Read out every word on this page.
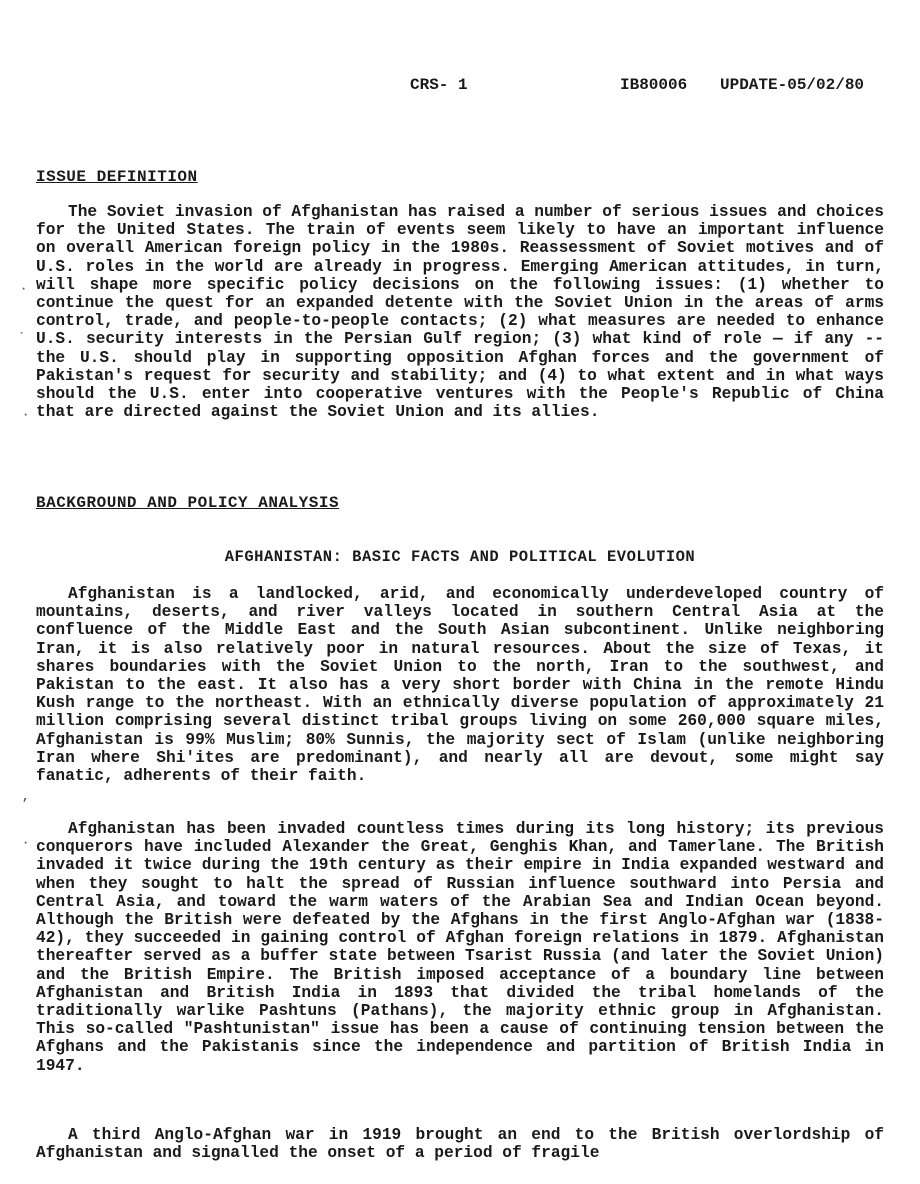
CRS- 1	IB80006 UPDATE-05/02/80
ISSUE DEFINITION

The Soviet invasion of Afghanistan has raised a number of serious issues and choices for the United States. The train of events seem likely to have an important influence on overall American foreign policy in the 1980s. Reassessment of Soviet motives and of U.S. roles in the world are already in progress. Emerging American attitudes, in turn, will shape more specific policy decisions on the following issues: (1) whether to continue the quest for an expanded detente with the Soviet Union in the areas of arms control, trade, and people-to-people contacts; (2) what measures are needed to enhance U.S. security interests in the Persian Gulf region; (3) what kind of role — if any -- the U.S. should play in supporting opposition Afghan forces and the government of Pakistan's request for security and stability; and (4) to what extent and in what ways should the U.S. enter into cooperative ventures with the People's Republic of China that are directed against the Soviet Union and its allies.

BACKGROUND AND POLICY ANALYSIS
AFGHANISTAN: BASIC FACTS AND POLITICAL EVOLUTION

Afghanistan is a landlocked, arid, and economically underdeveloped country of mountains, deserts, and river valleys located in southern Central Asia at the confluence of the Middle East and the South Asian subcontinent. Unlike neighboring Iran, it is also relatively poor in natural resources. About the size of Texas, it shares boundaries with the Soviet Union to the north, Iran to the southwest, and Pakistan to the east. It also has a very short border with China in the remote Hindu Kush range to the northeast. With an ethnically diverse population of approximately 21 million comprising several distinct tribal groups living on some 260,000 square miles, Afghanistan is 99% Muslim; 80% Sunnis, the majority sect of Islam (unlike neighboring Iran where Shi'ites are predominant), and nearly all are devout, some might say fanatic, adherents of their faith.

Afghanistan has been invaded countless times during its long history; its previous conquerors have included Alexander the Great, Genghis Khan, and Tamerlane. The British invaded it twice during the 19th century as their empire in India expanded westward and when they sought to halt the spread of Russian influence southward into Persia and Central Asia, and toward the warm waters of the Arabian Sea and Indian Ocean beyond. Although the British were defeated by the Afghans in the first Anglo-Afghan war (1838-42), they succeeded in gaining control of Afghan foreign relations in 1879. Afghanistan thereafter served as a buffer state between Tsarist Russia (and later the Soviet Union) and the British Empire. The British imposed acceptance of a boundary line between Afghanistan and British India in 1893 that divided the tribal homelands of the traditionally warlike Pashtuns (Pathans), the majority ethnic group in Afghanistan. This so-called "Pashtunistan" issue has been a cause of continuing tension between the Afghans and the Pakistanis since the independence and partition of British India in 1947.

A third Anglo-Afghan war in 1919 brought an end to the British overlordship of Afghanistan and signalled the onset of a period of fragile

·
˙
·
,
·
